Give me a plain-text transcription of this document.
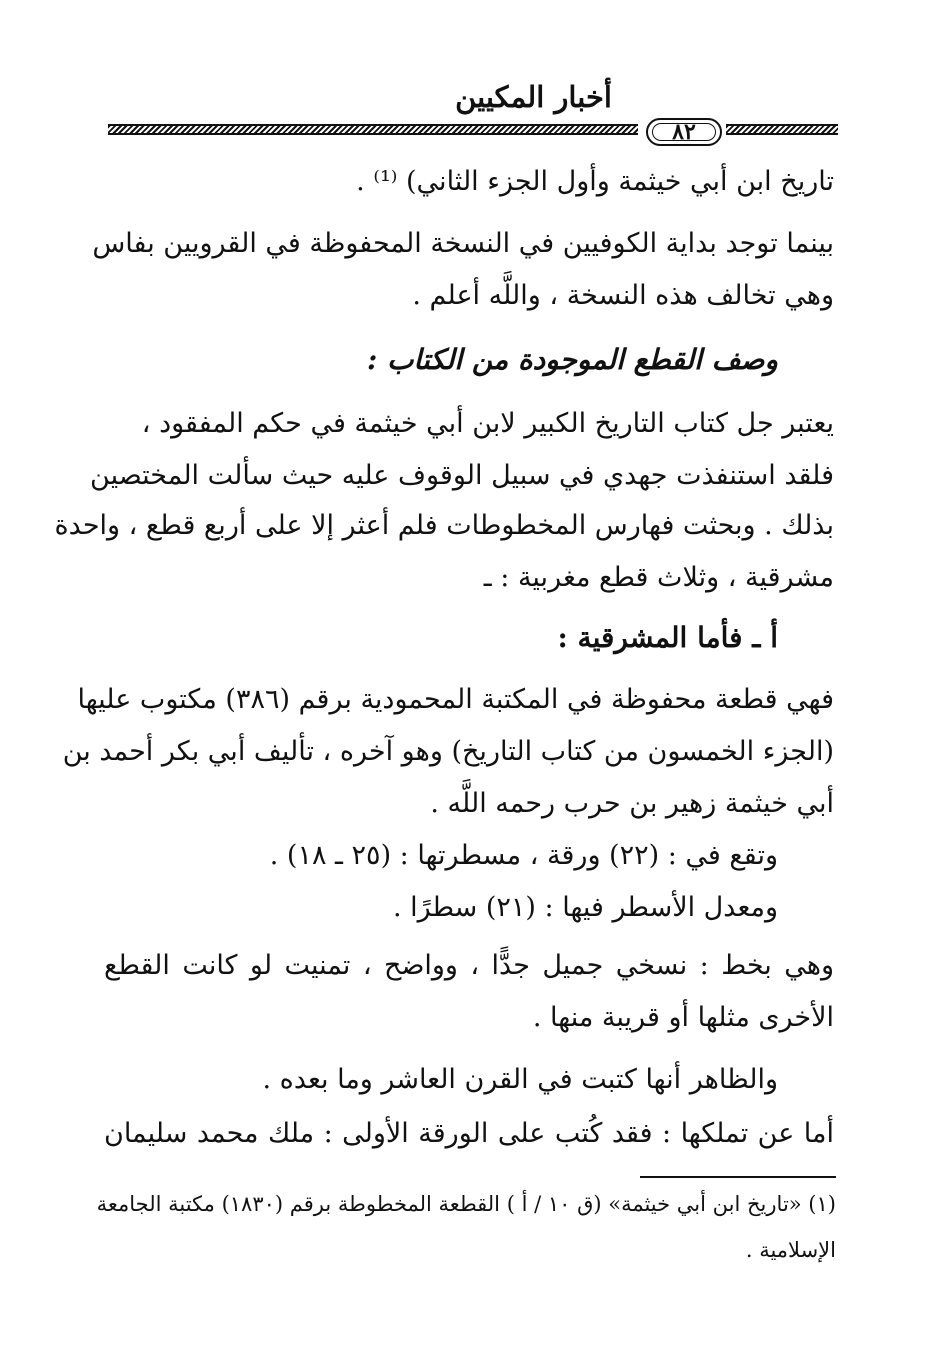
أخبار المكيين
٨٢
تاريخ ابن أبي خيثمة وأول الجزء الثاني) ⁽¹⁾ .
بينما توجد بداية الكوفيين في النسخة المحفوظة في القرويين بفاس
وهي تخالف هذه النسخة ، واللَّه أعلم .
وصف القطع الموجودة من الكتاب :
يعتبر جل كتاب التاريخ الكبير لابن أبي خيثمة في حكم المفقود ،
فلقد استنفذت جهدي في سبيل الوقوف عليه حيث سألت المختصين
بذلك . وبحثت فهارس المخطوطات فلم أعثر إلا على أربع قطع ، واحدة
مشرقية ، وثلاث قطع مغربية : ـ
أ ـ فأما المشرقية :
فهي قطعة محفوظة في المكتبة المحمودية برقم (٣٨٦) مكتوب عليها
(الجزء الخمسون من كتاب التاريخ) وهو آخره ، تأليف أبي بكر أحمد بن
أبي خيثمة زهير بن حرب رحمه اللَّه .
وتقع في : (٢٢) ورقة ، مسطرتها : (٢٥ ـ ١٨) .
ومعدل الأسطر فيها : (٢١) سطرًا .
وهي بخط : نسخي جميل جدًّا ، وواضح ، تمنيت لو كانت القطع
الأخرى مثلها أو قريبة منها .
والظاهر أنها كتبت في القرن العاشر وما بعده .
أما عن تملكها : فقد كُتب على الورقة الأولى : ملك محمد سليمان
(١) «تاريخ ابن أبي خيثمة» (ق ١٠ / أ ) القطعة المخطوطة برقم (١٨٣٠) مكتبة الجامعة
الإسلامية .
